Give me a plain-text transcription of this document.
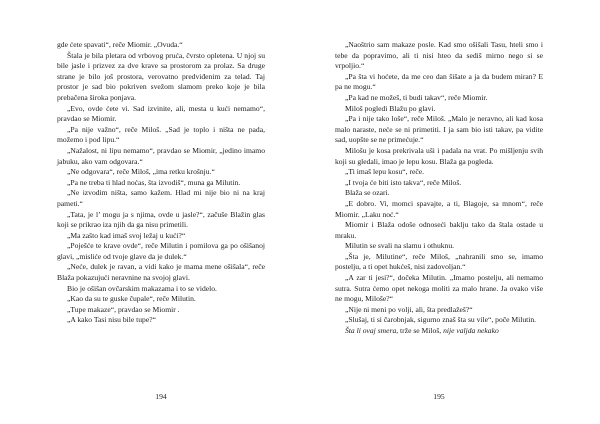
gde ćete spavati“, reče Miomir. „Ovuda.“

Štala je bila pletara od vrbovog pruća, čvrsto opletena. U njoj su bile jasle i prizvez za dve krave sa prostorom za prolaz. Sa druge strane je bilo još prostora, verovatno predviđenim za telad. Taj prostor je sad bio pokriven svežom slamom preko koje je bila prebačena široka ponjava.

„Evo, ovde ćete vi. Sad izvinite, ali, mesta u kući nemamo“, pravdao se Miomir.

„Pa nije važno“, reče Miloš. „Sad je toplo i ništa ne pada, možemo i pod lipu.“

„Nažalost, ni lipu nemamo“, pravdao se Miomir, „jedino imamo jabuku, ako vam odgovara.“

„Ne odgovara“, reče Miloš, „ima retku krošnju.“

„Pa ne treba ti hlad noćas, šta izvodiš“, muna ga Milutin.

„Ne izvodim ništa, samo kažem. Hlad mi nije bio ni na kraj pameti.“

„Tata, je l’ mogu ja s njima, ovde u jasle?“, začuše Blažin glas koji se prikrao iza njih da ga nisu primetili.

„Ma zašto kad imaš svoj ležaj u kući?“

„Poješće te krave ovde“, reče Milutin i pomilova ga po ošišanoj glavi, „misliće od tvoje glave da je dulek.“

„Neće, dulek je ravan, a vidi kako je mama mene ošišala“, reče Blaža pokazujući neravnine na svojoj glavi.

Bio je ošišan ovčarskim makazama i to se videlo.

„Kao da su te guske čupale“, reče Milutin.

„Tupe makaze“, pravdao se Miomir .

„A kako Tasi nisu bile tupe?“

194

„Naoštrio sam makaze posle. Kad smo ošišali Tasu, hteli smo i tebe da popravimo, ali ti nisi hteo da sediš mirno nego si se vrpoljio.“

„Pa šta vi hoćete, da me ceo dan šišate a ja da budem miran? E pa ne mogu.“

„Pa kad ne možeš, ti budi takav“, reče Miomir.

Miloš pogledi Blažu po glavi.

„Pa i nije tako loše“, reče Miloš. „Malo je neravno, ali kad kosa malo naraste, neće se ni primetiti. I ja sam bio isti takav, pa vidite sad, uopšte se ne primećuje.“

Milošu je kosa prekrivala uši i padala na vrat. Po mišljenju svih koji su gledali, imao je lepu kosu. Blaža ga pogleda.

„Ti imaš lepu kosu“, reče.

„I tvoja će biti isto takva“, reče Miloš.

Blaža se ozari.

„E dobro. Vi, momci spavajte, a ti, Blagoje, sa mnom“, reče Miomir. „Laku noć.“

Miomir i Blaža odoše odnoseći baklju tako da štala ostade u mraku.

Milutin se svali na slamu i othuknu.

„Šta je, Milutine“, reče Miloš, „nahranili smo se, imamo postelju, a ti opet hukćeš, nisi zadovoljan.“

„A zar ti jesi?“, dočeka Milutin. „Imamo postelju, ali nemamo sutra. Sutra ćemo opet nekoga moliti za malo hrane. Ja ovako više ne mogu, Miloše?“

„Nije ni meni po volji, ali, šta predlažeš?“

„Slušaj, ti si čarobnjak, sigurno znaš šta su vile“, poče Milutin.

Šta li ovaj smera, trže se Miloš, nije valjda nekako

195
